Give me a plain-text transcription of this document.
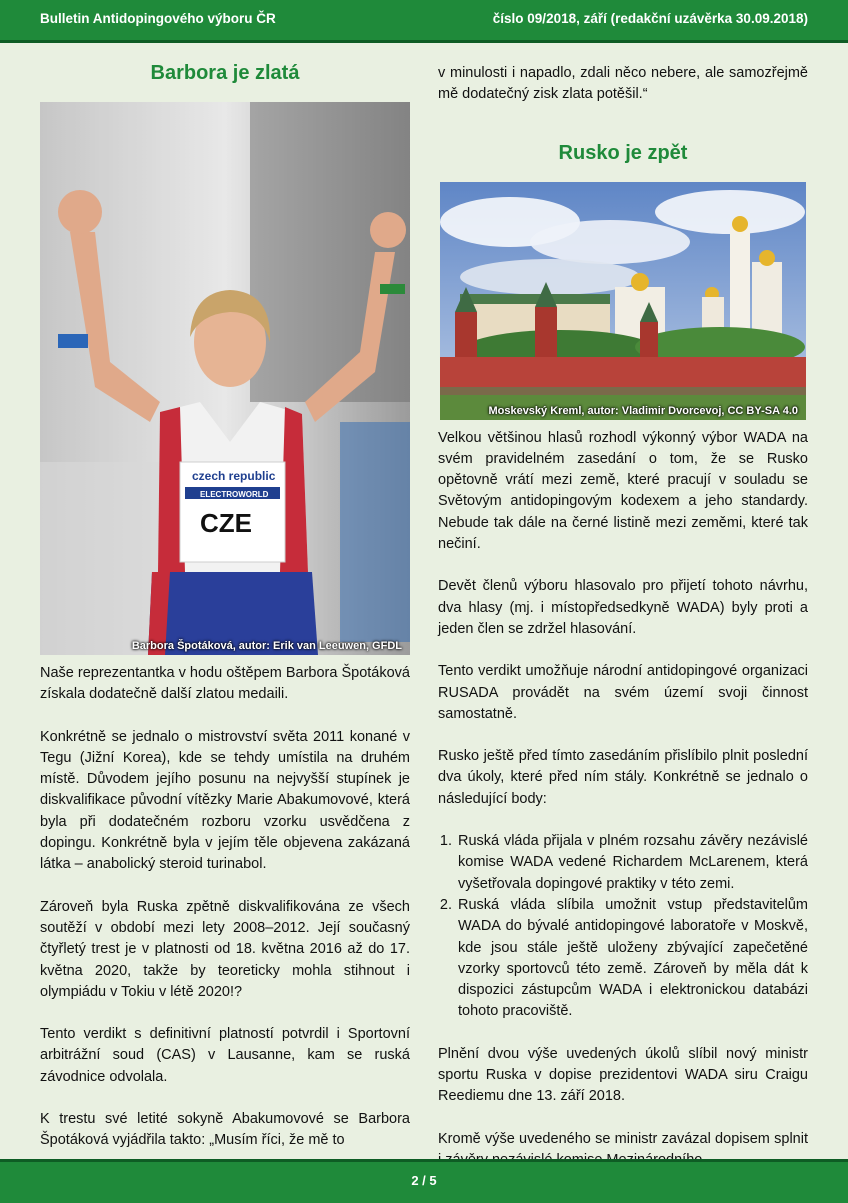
Bulletin Antidopingového výboru ČR	číslo 09/2018, září (redakční uzávěrka 30.09.2018)
Barbora je zlatá
czech republic
ELECTROWORLD
CZE
Barbora Špotáková, autor: Erik van Leeuwen, GFDL

Naše reprezentantka v hodu oštěpem Barbora Špotáková získala dodatečně další zlatou medaili.

Konkrétně se jednalo o mistrovství světa 2011 konané v Tegu (Jižní Korea), kde se tehdy umístila na druhém místě. Důvodem jejího posunu na nejvyšší stupínek je diskvalifikace původní vítězky Marie Abakumovové, která byla při dodatečném rozboru vzorku usvědčena z dopingu. Konkrétně byla v jejím těle objevena zakázaná látka – anabolický steroid turinabol.

Zároveň byla Ruska zpětně diskvalifikována ze všech soutěží v období mezi lety 2008–2012. Její současný čtyřletý trest je v platnosti od 18. května 2016 až do 17. května 2020, takže by teoreticky mohla stihnout i olympiádu v Tokiu v létě 2020!?

Tento verdikt s definitivní platností potvrdil i Sportovní arbitrážní soud (CAS) v Lausanne, kam se ruská závodnice odvolala.

K trestu své letité sokyně Abakumovové se Barbora Špotáková vyjádřila takto: „Musím říci, že mě to

v minulosti i napadlo, zdali něco nebere, ale samozřejmě mě dodatečný zisk zlata potěšil.“

Rusko je zpět
Moskevský Kreml, autor: Vladimir Dvorcevoj, CC BY-SA 4.0

Velkou většinou hlasů rozhodl výkonný výbor WADA na svém pravidelném zasedání o tom, že se Rusko opětovně vrátí mezi země, které pracují v souladu se Světovým antidopingovým kodexem a jeho standardy. Nebude tak dále na černé listině mezi zeměmi, které tak nečiní.

Devět členů výboru hlasovalo pro přijetí tohoto návrhu, dva hlasy (mj. i místopředsedkyně WADA) byly proti a jeden člen se zdržel hlasování.

Tento verdikt umožňuje národní antidopingové organizaci RUSADA provádět na svém území svoji činnost samostatně.

Rusko ještě před tímto zasedáním přislíbilo plnit poslední dva úkoly, které před ním stály. Konkrétně se jednalo o následující body:

1. Ruská vláda přijala v plném rozsahu závěry nezávislé komise WADA vedené Richardem McLarenem, která vyšetřovala dopingové praktiky v této zemi.
2. Ruská vláda slíbila umožnit vstup představitelům WADA do bývalé antidopingové laboratoře v Moskvě, kde jsou stále ještě uloženy zbývající zapečetěné vzorky sportovců této země. Zároveň by měla dát k dispozici zástupcům WADA i elektronickou databázi tohoto pracoviště.

Plnění dvou výše uvedených úkolů slíbil nový ministr sportu Ruska v dopise prezidentovi WADA siru Craigu Reediemu dne 13. září 2018.

Kromě výše uvedeného se ministr zavázal dopisem splnit

2 / 5
